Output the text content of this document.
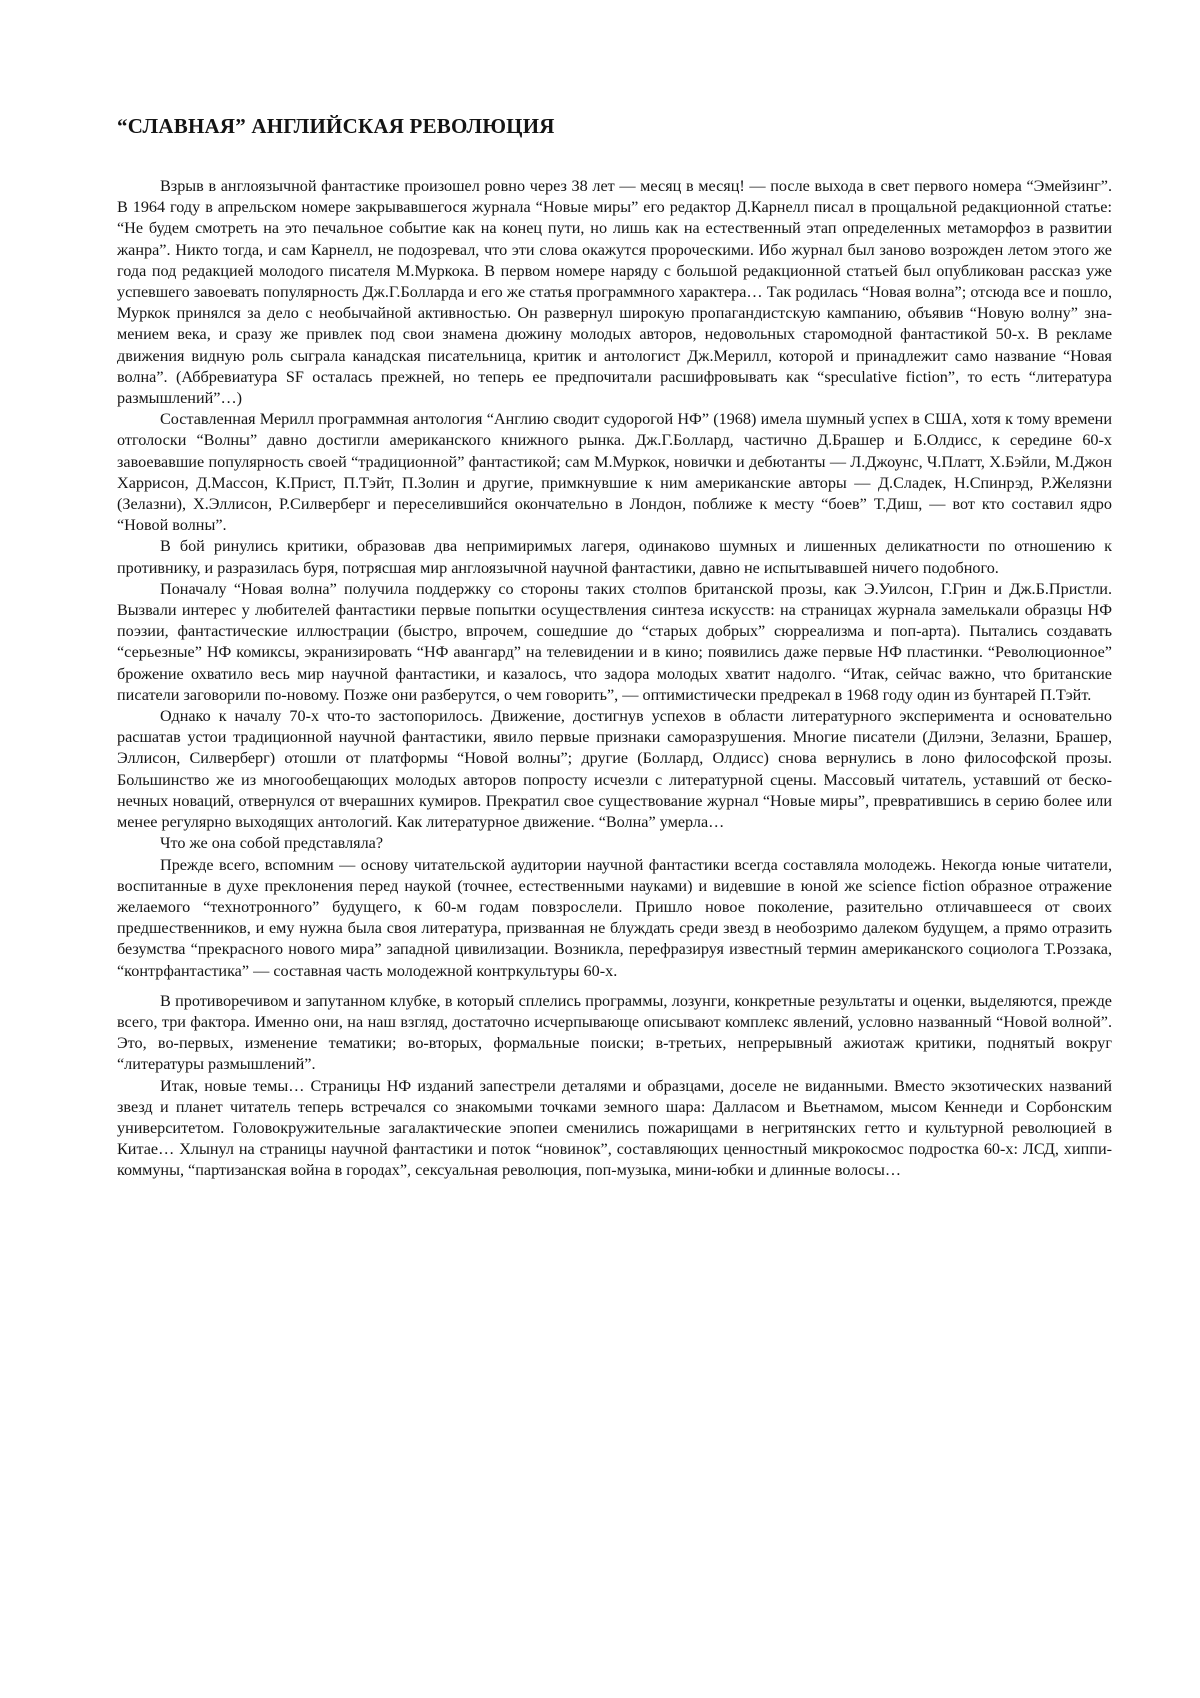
“СЛАВНАЯ” АНГЛИЙСКАЯ РЕВОЛЮЦИЯ

Взрыв в англоязычной фантастике произошел ровно через 38 лет — месяц в месяц! — после выхода в свет первого номера “Эмейзинг”. В 1964 году в апрельском номере закрывавшегося журнала “Новые миры” его редактор Д.Карнелл писал в прощальной редакционной статье: “Не будем смотреть на это печальное событие как на конец пути, но лишь как на естественный этап определенных метаморфоз в развитии жанра”. Никто тогда, и сам Карнелл, не подозревал, что эти слова окажутся пророческими. Ибо журнал был заново возрожден летом этого же года под редакцией молодого писателя М.Муркока. В первом номере наряду с большой редакционной статьей был опубликован рассказ уже успевшего завоевать популярность Дж.Г.Болларда и его же статья программного характера… Так родилась “Новая волна”; отсюда все и пошло, Муркок принялся за дело с необычайной активностью. Он развернул широкую пропагандистскую кампанию, объявив “Новую волну” знамением века, и сразу же привлек под свои знамена дюжину молодых авторов, недовольных старомодной фантастикой 50-х. В рекламе движения видную роль сыграла канадская писательница, критик и антологист Дж.Мерилл, которой и принадлежит само название “Новая волна”. (Аббревиатура SF осталась прежней, но теперь ее предпочитали расшифровывать как “speculative fiction”, то есть “литература размышлений”…)

Составленная Мерилл программная антология “Англию сводит судорогой НФ” (1968) имела шумный успех в США, хотя к тому времени отголоски “Волны” давно достигли американского книжного рынка. Дж.Г.Боллард, частично Д.Брашер и Б.Олдисс, к середине 60-х завоевавшие популярность своей “традиционной” фантастикой; сам М.Муркок, новички и дебютанты — Л.Джоунс, Ч.Платт, Х.Бэйли, М.Джон Харрисон, Д.Массон, К.Прист, П.Тэйт, П.Золин и другие, примкнувшие к ним американские авторы — Д.Сладек, Н.Спинрэд, Р.Желязни (Зелазни), Х.Эллисон, Р.Силверберг и переселившийся окончательно в Лондон, поближе к месту “боев” Т.Диш, — вот кто составил ядро “Новой волны”.

В бой ринулись критики, образовав два непримиримых лагеря, одинаково шумных и лишенных деликатности по отношению к противнику, и разразилась буря, потрясшая мир англоязычной научной фантастики, давно не испытывавшей ничего подобного.

Поначалу “Новая волна” получила поддержку со стороны таких столпов британской прозы, как Э.Уилсон, Г.Грин и Дж.Б.Пристли. Вызвали интерес у любителей фантастики первые попытки осуществления синтеза искусств: на страницах журнала замелькали образцы НФ поэзии, фантастические иллюстрации (быстро, впрочем, сошедшие до “старых добрых” сюрреализма и поп-арта). Пытались создавать “серьезные” НФ комиксы, экранизировать “НФ авангард” на телевидении и в кино; появились даже первые НФ пластинки. “Революционное” брожение охватило весь мир научной фантастики, и казалось, что задора молодых хватит надолго. “Итак, сейчас важно, что британские писатели заговорили по-новому. Позже они разберутся, о чем говорить”, — оптимистически предрекал в 1968 году один из бунтарей П.Тэйт.

Однако к началу 70-х что-то застопорилось. Движение, достигнув успехов в области литературного эксперимента и основательно расшатав устои традиционной научной фантастики, явило первые признаки саморазрушения. Многие писатели (Дилэни, Зелазни, Брашер, Эллисон, Силверберг) отошли от платформы “Новой волны”; другие (Боллард, Олдисс) снова вернулись в лоно философской прозы. Большинство же из многообещающих молодых авторов попросту исчезли с литературной сцены. Массовый читатель, уставший от бесконечных новаций, отвернулся от вчерашних кумиров. Прекратил свое существование журнал “Новые миры”, превратившись в серию более или менее регулярно выходящих антологий. Как литературное движение. “Волна” умерла…

Что же она собой представляла?

Прежде всего, вспомним — основу читательской аудитории научной фантастики всегда составляла молодежь. Некогда юные читатели, воспитанные в духе преклонения перед наукой (точнее, естественными науками) и видевшие в юной же science fiction образное отражение желаемого “технотронного” будущего, к 60-м годам повзрослели. Пришло новое поколение, разительно отличавшееся от своих предшественников, и ему нужна была своя литература, призванная не блуждать среди звезд в необозримо далеком будущем, а прямо отразить безумства “прекрасного нового мира” западной цивилизации. Возникла, перефразируя известный термин американского социолога Т.Роззака, “контрфантастика” — составная часть молодежной контркультуры 60-х.

В противоречивом и запутанном клубке, в который сплелись программы, лозунги, конкретные результаты и оценки, выделяются, прежде всего, три фактора. Именно они, на наш взгляд, достаточно исчерпывающе описывают комплекс явлений, условно названный “Новой волной”. Это, во-первых, изменение тематики; во-вторых, формальные поиски; в-третьих, непрерывный ажиотаж критики, поднятый вокруг “литературы размышлений”.

Итак, новые темы… Страницы НФ изданий запестрели деталями и образцами, доселе не виданными. Вместо экзотических названий звезд и планет читатель теперь встречался со знакомыми точками земного шара: Далласом и Вьетнамом, мысом Кеннеди и Сорбонским университетом. Головокружительные загалактические эпопеи сменились пожарищами в негритянских гетто и культурной революцией в Китае… Хлынул на страницы научной фантастики и поток “новинок”, составляющих ценностный микрокосмос подростка 60-х: ЛСД, хиппи-коммуны, “партизанская война в городах”, сексуальная революция, поп-музыка, мини-юбки и длинные волосы…
